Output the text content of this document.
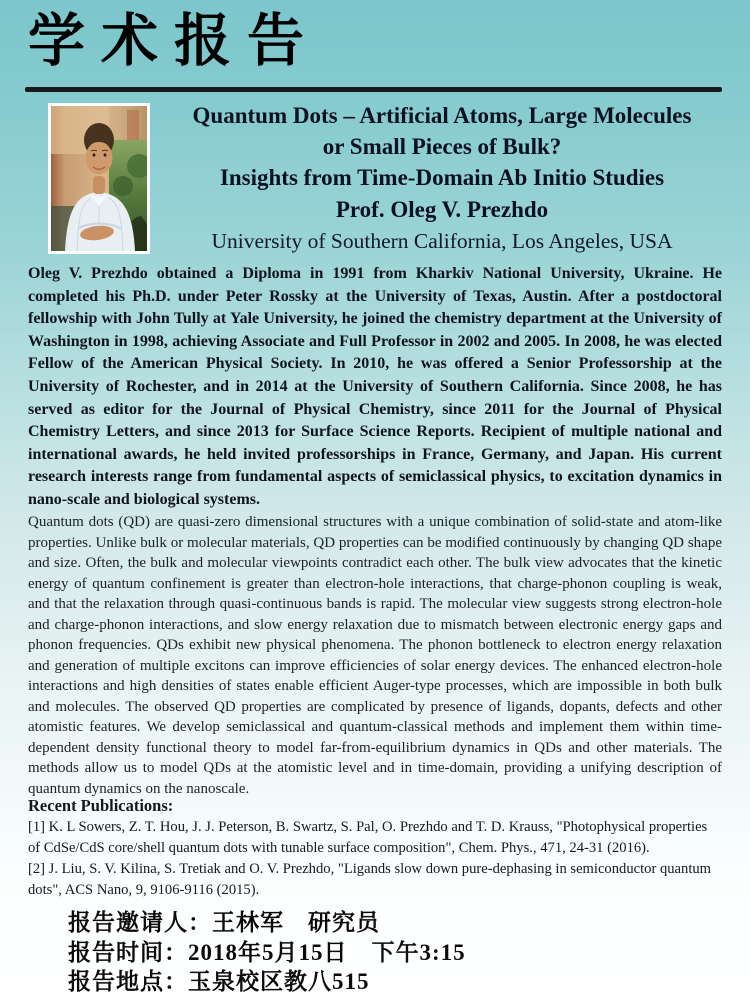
学术报告
Quantum Dots – Artificial Atoms, Large Molecules
or Small Pieces of Bulk?
Insights from Time-Domain Ab Initio Studies
Prof. Oleg V. Prezhdo
University of Southern California, Los Angeles, USA

Oleg V. Prezhdo obtained a Diploma in 1991 from Kharkiv National University, Ukraine. He completed his Ph.D. under Peter Rossky at the University of Texas, Austin. After a postdoctoral fellowship with John Tully at Yale University, he joined the chemistry department at the University of Washington in 1998, achieving Associate and Full Professor in 2002 and 2005. In 2008, he was elected Fellow of the American Physical Society. In 2010, he was offered a Senior Professorship at the University of Rochester, and in 2014 at the University of Southern California. Since 2008, he has served as editor for the Journal of Physical Chemistry, since 2011 for the Journal of Physical Chemistry Letters, and since 2013 for Surface Science Reports. Recipient of multiple national and international awards, he held invited professorships in France, Germany, and Japan. His current research interests range from fundamental aspects of semiclassical physics, to excitation dynamics in nano-scale and biological systems.

Quantum dots (QD) are quasi-zero dimensional structures with a unique combination of solid-state and atom-like properties. Unlike bulk or molecular materials, QD properties can be modified continuously by changing QD shape and size. Often, the bulk and molecular viewpoints contradict each other. The bulk view advocates that the kinetic energy of quantum confinement is greater than electron-hole interactions, that charge-phonon coupling is weak, and that the relaxation through quasi-continuous bands is rapid. The molecular view suggests strong electron-hole and charge-phonon interactions, and slow energy relaxation due to mismatch between electronic energy gaps and phonon frequencies. QDs exhibit new physical phenomena. The phonon bottleneck to electron energy relaxation and generation of multiple excitons can improve efficiencies of solar energy devices. The enhanced electron-hole interactions and high densities of states enable efficient Auger-type processes, which are impossible in both bulk and molecules. The observed QD properties are complicated by presence of ligands, dopants, defects and other atomistic features. We develop semiclassical and quantum-classical methods and implement them within time-dependent density functional theory to model far-from-equilibrium dynamics in QDs and other materials. The methods allow us to model QDs at the atomistic level and in time-domain, providing a unifying description of quantum dynamics on the nanoscale.

Recent Publications:

[1] K. L Sowers, Z. T. Hou, J. J. Peterson, B. Swartz, S. Pal, O. Prezhdo and T. D. Krauss, "Photophysical properties of CdSe/CdS core/shell quantum dots with tunable surface composition", Chem. Phys., 471, 24-31 (2016).

[2] J. Liu, S. V. Kilina, S. Tretiak and O. V. Prezhdo, "Ligands slow down pure-dephasing in semiconductor quantum dots", ACS Nano, 9, 9106-9116 (2015).

报告邀请人：王林军　研究员
报告时间：2018年5月15日　下午3:15
报告地点：玉泉校区教八515
